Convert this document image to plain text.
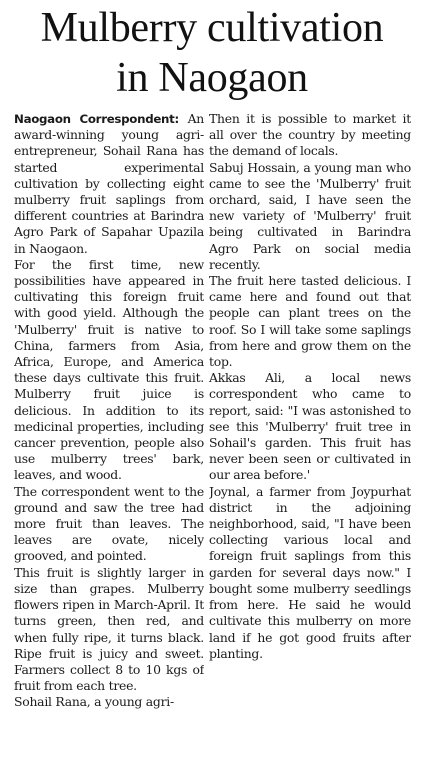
Mulberry cultivation
in Naogaon

Naogaon Correspondent: An award-winning young agri-entrepreneur, Sohail Rana has started experimental cultivation by collecting eight mulberry fruit saplings from different countries at Barindra Agro Park of Sapahar Upazila in Naogaon.

For the first time, new possibilities have appeared in cultivating this foreign fruit with good yield. Although the 'Mulberry' fruit is native to China, farmers from Asia, Africa, Europe, and America these days cultivate this fruit. Mulberry fruit juice is delicious. In addition to its medicinal properties, including cancer prevention, people also use mulberry trees' bark, leaves, and wood.

The correspondent went to the ground and saw the tree had more fruit than leaves. The leaves are ovate, nicely grooved, and pointed.

This fruit is slightly larger in size than grapes. Mulberry flowers ripen in March-April. It turns green, then red, and when fully ripe, it turns black. Ripe fruit is juicy and sweet. Farmers collect 8 to 10 kgs of fruit from each tree.

Sohail Rana, a young agri-

Then it is possible to market it all over the country by meeting the demand of locals.

Sabuj Hossain, a young man who came to see the 'Mulberry' fruit orchard, said, I have seen the new variety of 'Mulberry' fruit being cultivated in Barindra Agro Park on social media recently.

The fruit here tasted delicious. I came here and found out that people can plant trees on the roof. So I will take some saplings from here and grow them on the top.

Akkas Ali, a local news correspondent who came to report, said: "I was astonished to see this 'Mulberry' fruit tree in Sohail's garden. This fruit has never been seen or cultivated in our area before.'

Joynal, a farmer from Joypurhat district in the adjoining neighborhood, said, "I have been collecting various local and foreign fruit saplings from this garden for several days now." I bought some mulberry seedlings from here. He said he would cultivate this mulberry on more land if he got good fruits after planting.
